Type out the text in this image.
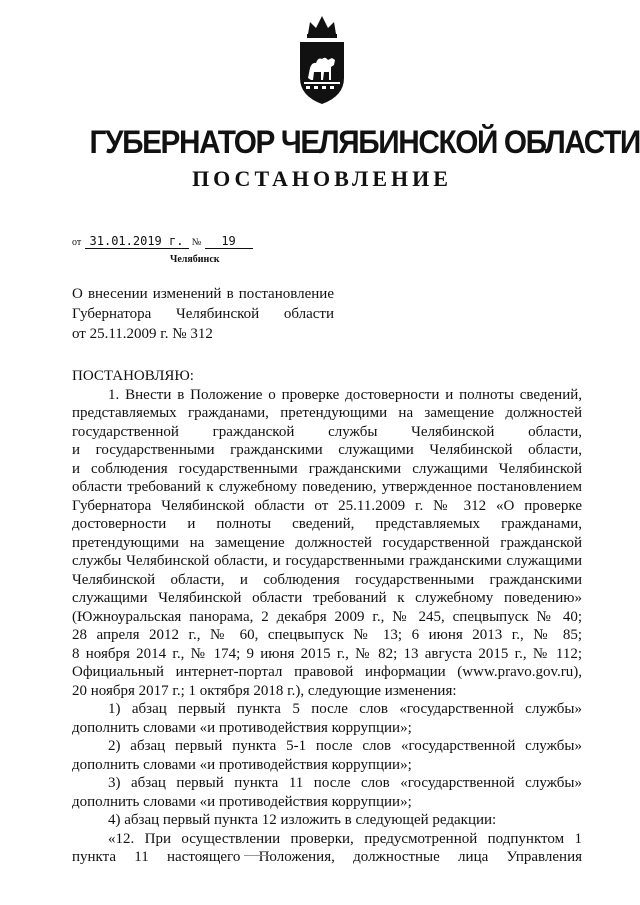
ГУБЕРНАТОР ЧЕЛЯБИНСКОЙ ОБЛАСТИ
ПОСТАНОВЛЕНИЕ
от 31.01.2019 г. № 19
Челябинск
О внесении изменений в постановление
Губернатора Челябинской области
от 25.11.2009 г. № 312
ПОСТАНОВЛЯЮ:
1. Внести в Положение о проверке достоверности и полноты сведений,
представляемых гражданами, претендующими на замещение должностей
государственной гражданской службы Челябинской области,
и государственными гражданскими служащими Челябинской области,
и соблюдения государственными гражданскими служащими Челябинской
области требований к служебному поведению, утвержденное постановлением
Губернатора Челябинской области от 25.11.2009 г. № 312 «О проверке
достоверности и полноты сведений, представляемых гражданами,
претендующими на замещение должностей государственной гражданской
службы Челябинской области, и государственными гражданскими служащими
Челябинской области, и соблюдения государственными гражданскими
служащими Челябинской области требований к служебному поведению»
(Южноуральская панорама, 2 декабря 2009 г., № 245, спецвыпуск № 40;
28 апреля 2012 г., № 60, спецвыпуск № 13; 6 июня 2013 г., № 85;
8 ноября 2014 г., № 174; 9 июня 2015 г., № 82; 13 августа 2015 г., № 112;
Официальный интернет-портал правовой информации (www.pravo.gov.ru),
20 ноября 2017 г.; 1 октября 2018 г.), следующие изменения:
1) абзац первый пункта 5 после слов «государственной службы»
дополнить словами «и противодействия коррупции»;
2) абзац первый пункта 5-1 после слов «государственной службы»
дополнить словами «и противодействия коррупции»;
3) абзац первый пункта 11 после слов «государственной службы»
дополнить словами «и противодействия коррупции»;
4) абзац первый пункта 12 изложить в следующей редакции:
«12. При осуществлении проверки, предусмотренной подпунктом 1
пункта 11 настоящего Положения, должностные лица Управления
